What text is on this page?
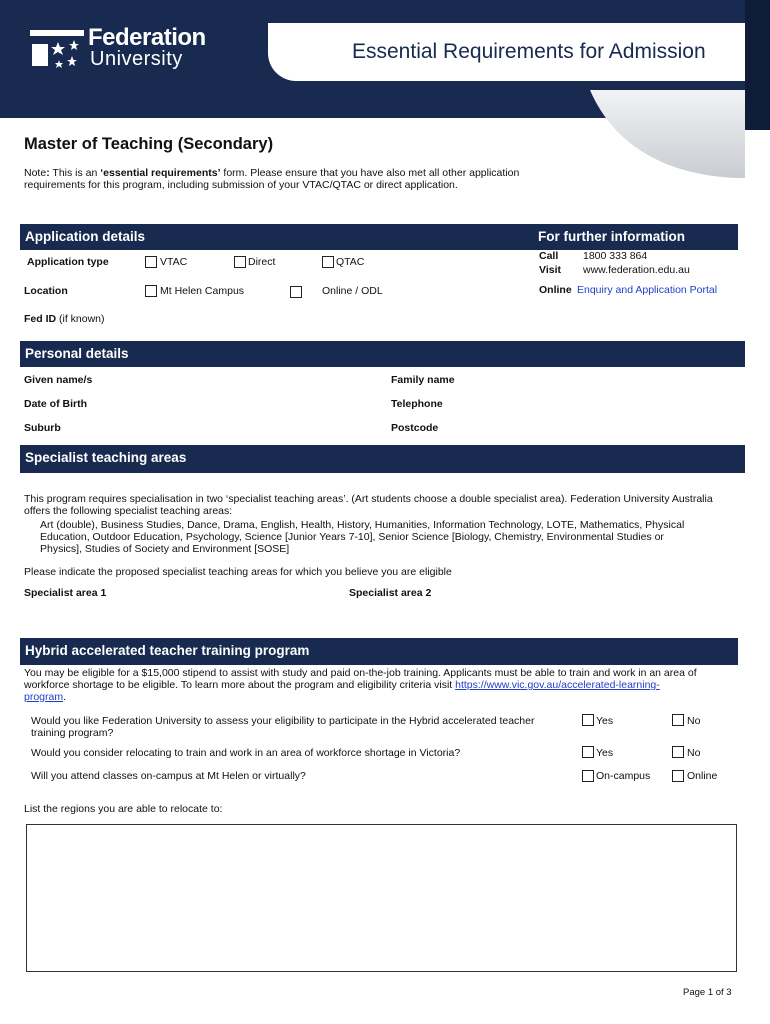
Federation
University	Essential Requirements for Admission
Master of Teaching (Secondary)
Note: This is an ‘essential requirements’ form. Please ensure that you have also met all other application
requirements for this program, including submission of your VTAC/QTAC or direct application.
Application details	For further information
Application type	VTAC	Direct	QTAC
Location	Mt Helen Campus	Online / ODL
Fed ID (if known)
Call 1800 333 864
Visit www.federation.edu.au
Online Enquiry and Application Portal
Personal details
Given name/s	Family name
Date of Birth	Telephone
Suburb	Postcode
Specialist teaching areas
This program requires specialisation in two ‘specialist teaching areas’. (Art students choose a double specialist area). Federation University Australia
offers the following specialist teaching areas:
Art (double), Business Studies, Dance, Drama, English, Health, History, Humanities, Information Technology, LOTE, Mathematics, Physical
Education, Outdoor Education, Psychology, Science [Junior Years 7-10], Senior Science [Biology, Chemistry, Environmental Studies or
Physics], Studies of Society and Environment [SOSE]
Please indicate the proposed specialist teaching areas for which you believe you are eligible
Specialist area 1	Specialist area 2
Hybrid accelerated teacher training program
You may be eligible for a $15,000 stipend to assist with study and paid on-the-job training. Applicants must be able to train and work in an area of
workforce shortage to be eligible. To learn more about the program and eligibility criteria visit https://www.vic.gov.au/accelerated-learning-
program.
Would you like Federation University to assess your eligibility to participate in the Hybrid accelerated teacher
training program?
Yes	No
Would you consider relocating to train and work in an area of workforce shortage in Victoria?	Yes	No
Will you attend classes on-campus at Mt Helen or virtually?	On-campus	Online
List the regions you are able to relocate to:
Page 1 of 3
